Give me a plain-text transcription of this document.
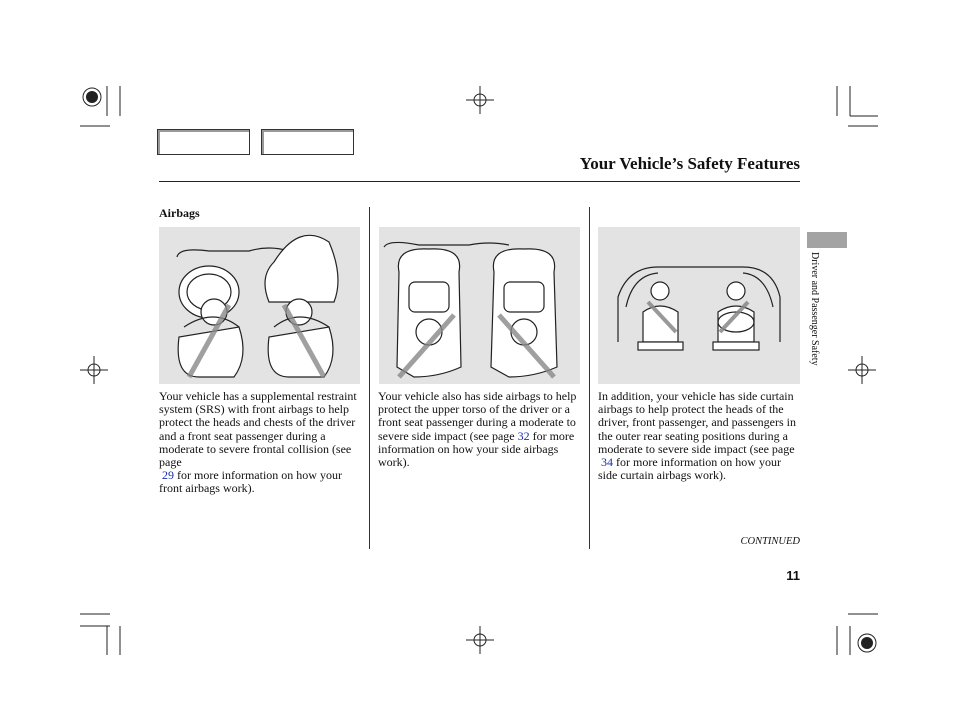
Your Vehicle’s Safety Features
Airbags
Your vehicle has a supplemental restraint system (SRS) with front airbags to help protect the heads and chests of the driver and a front seat passenger during a moderate to severe frontal collision (see page
29 for more information on how your front airbags work).
Your vehicle also has side airbags to help protect the upper torso of the driver or a front seat passenger during a moderate to severe side impact (see page 32 for more information on how your side airbags work).
In addition, your vehicle has side curtain airbags to help protect the heads of the driver, front passenger, and passengers in the outer rear seating positions during a moderate to severe side impact (see page
34 for more information on how your side curtain airbags work).
CONTINUED
11
Driver and Passenger Safety
